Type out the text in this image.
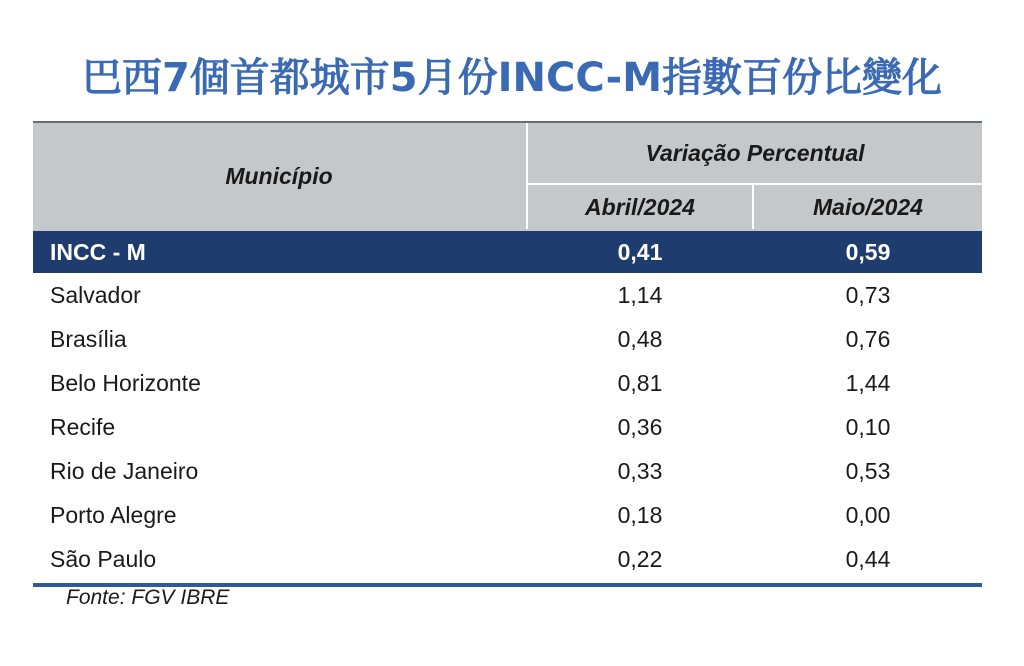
巴西7個首都城市5月份INCC-M指數百份比變化
Município
Variação Percentual
Abril/2024	Maio/2024
INCC - M	0,41	0,59
Salvador	1,14	0,73
Brasília	0,48	0,76
Belo Horizonte	0,81	1,44
Recife	0,36	0,10
Rio de Janeiro	0,33	0,53
Porto Alegre	0,18	0,00
São Paulo	0,22	0,44
Fonte: FGV IBRE
